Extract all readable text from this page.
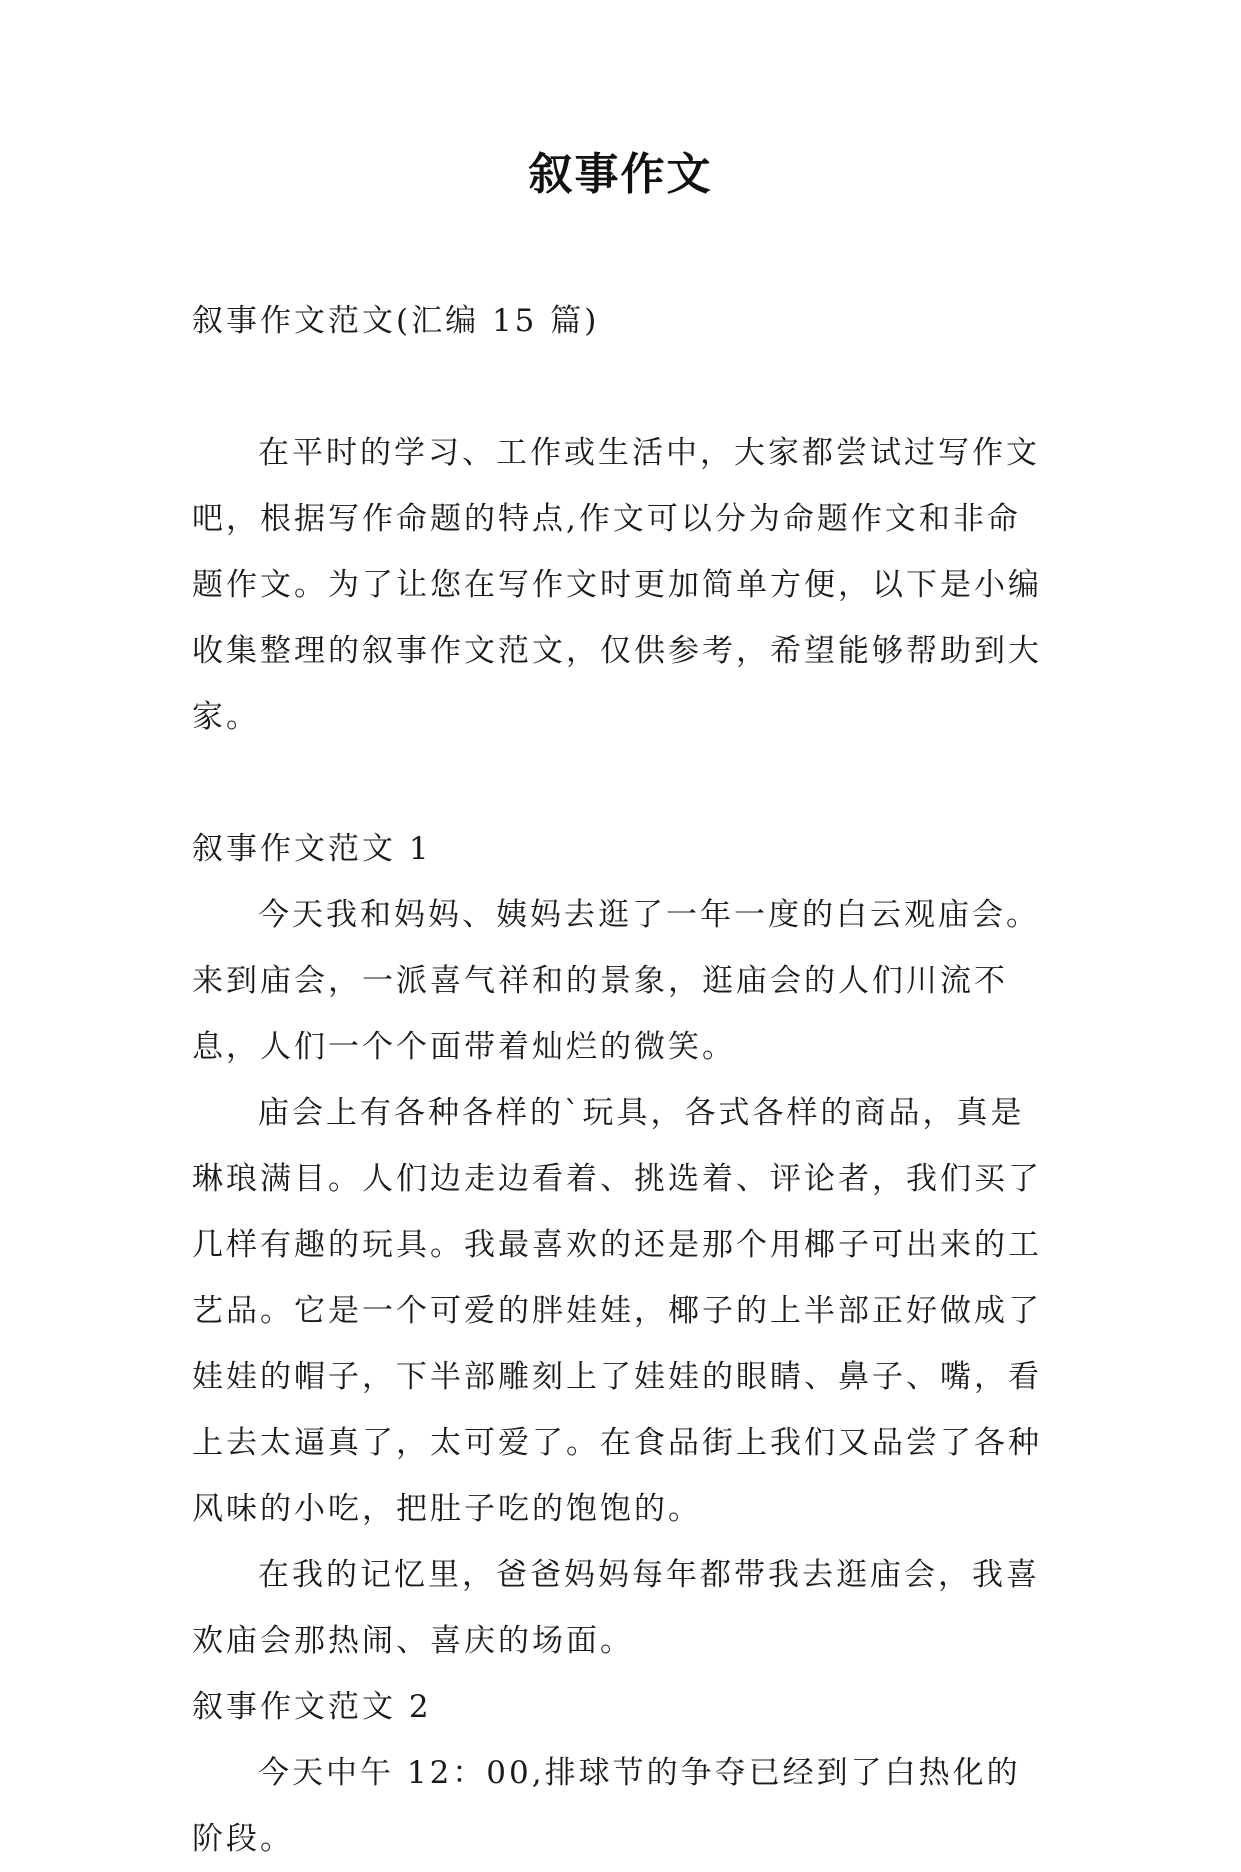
叙事作文

叙事作文范文(汇编 15 篇)

在平时的学习、工作或生活中，大家都尝试过写作文吧，根据写作命题的特点,作文可以分为命题作文和非命题作文。为了让您在写作文时更加简单方便，以下是小编收集整理的叙事作文范文，仅供参考，希望能够帮助到大家。

叙事作文范文 1

今天我和妈妈、姨妈去逛了一年一度的白云观庙会。来到庙会，一派喜气祥和的景象，逛庙会的人们川流不息，人们一个个面带着灿烂的微笑。

庙会上有各种各样的`玩具，各式各样的商品，真是琳琅满目。人们边走边看着、挑选着、评论者，我们买了几样有趣的玩具。我最喜欢的还是那个用椰子可出来的工艺品。它是一个可爱的胖娃娃，椰子的上半部正好做成了娃娃的帽子，下半部雕刻上了娃娃的眼睛、鼻子、嘴，看上去太逼真了，太可爱了。在食品街上我们又品尝了各种风味的小吃，把肚子吃的饱饱的。

在我的记忆里，爸爸妈妈每年都带我去逛庙会，我喜欢庙会那热闹、喜庆的场面。

叙事作文范文 2

今天中午 12：00,排球节的争夺已经到了白热化的阶段。
